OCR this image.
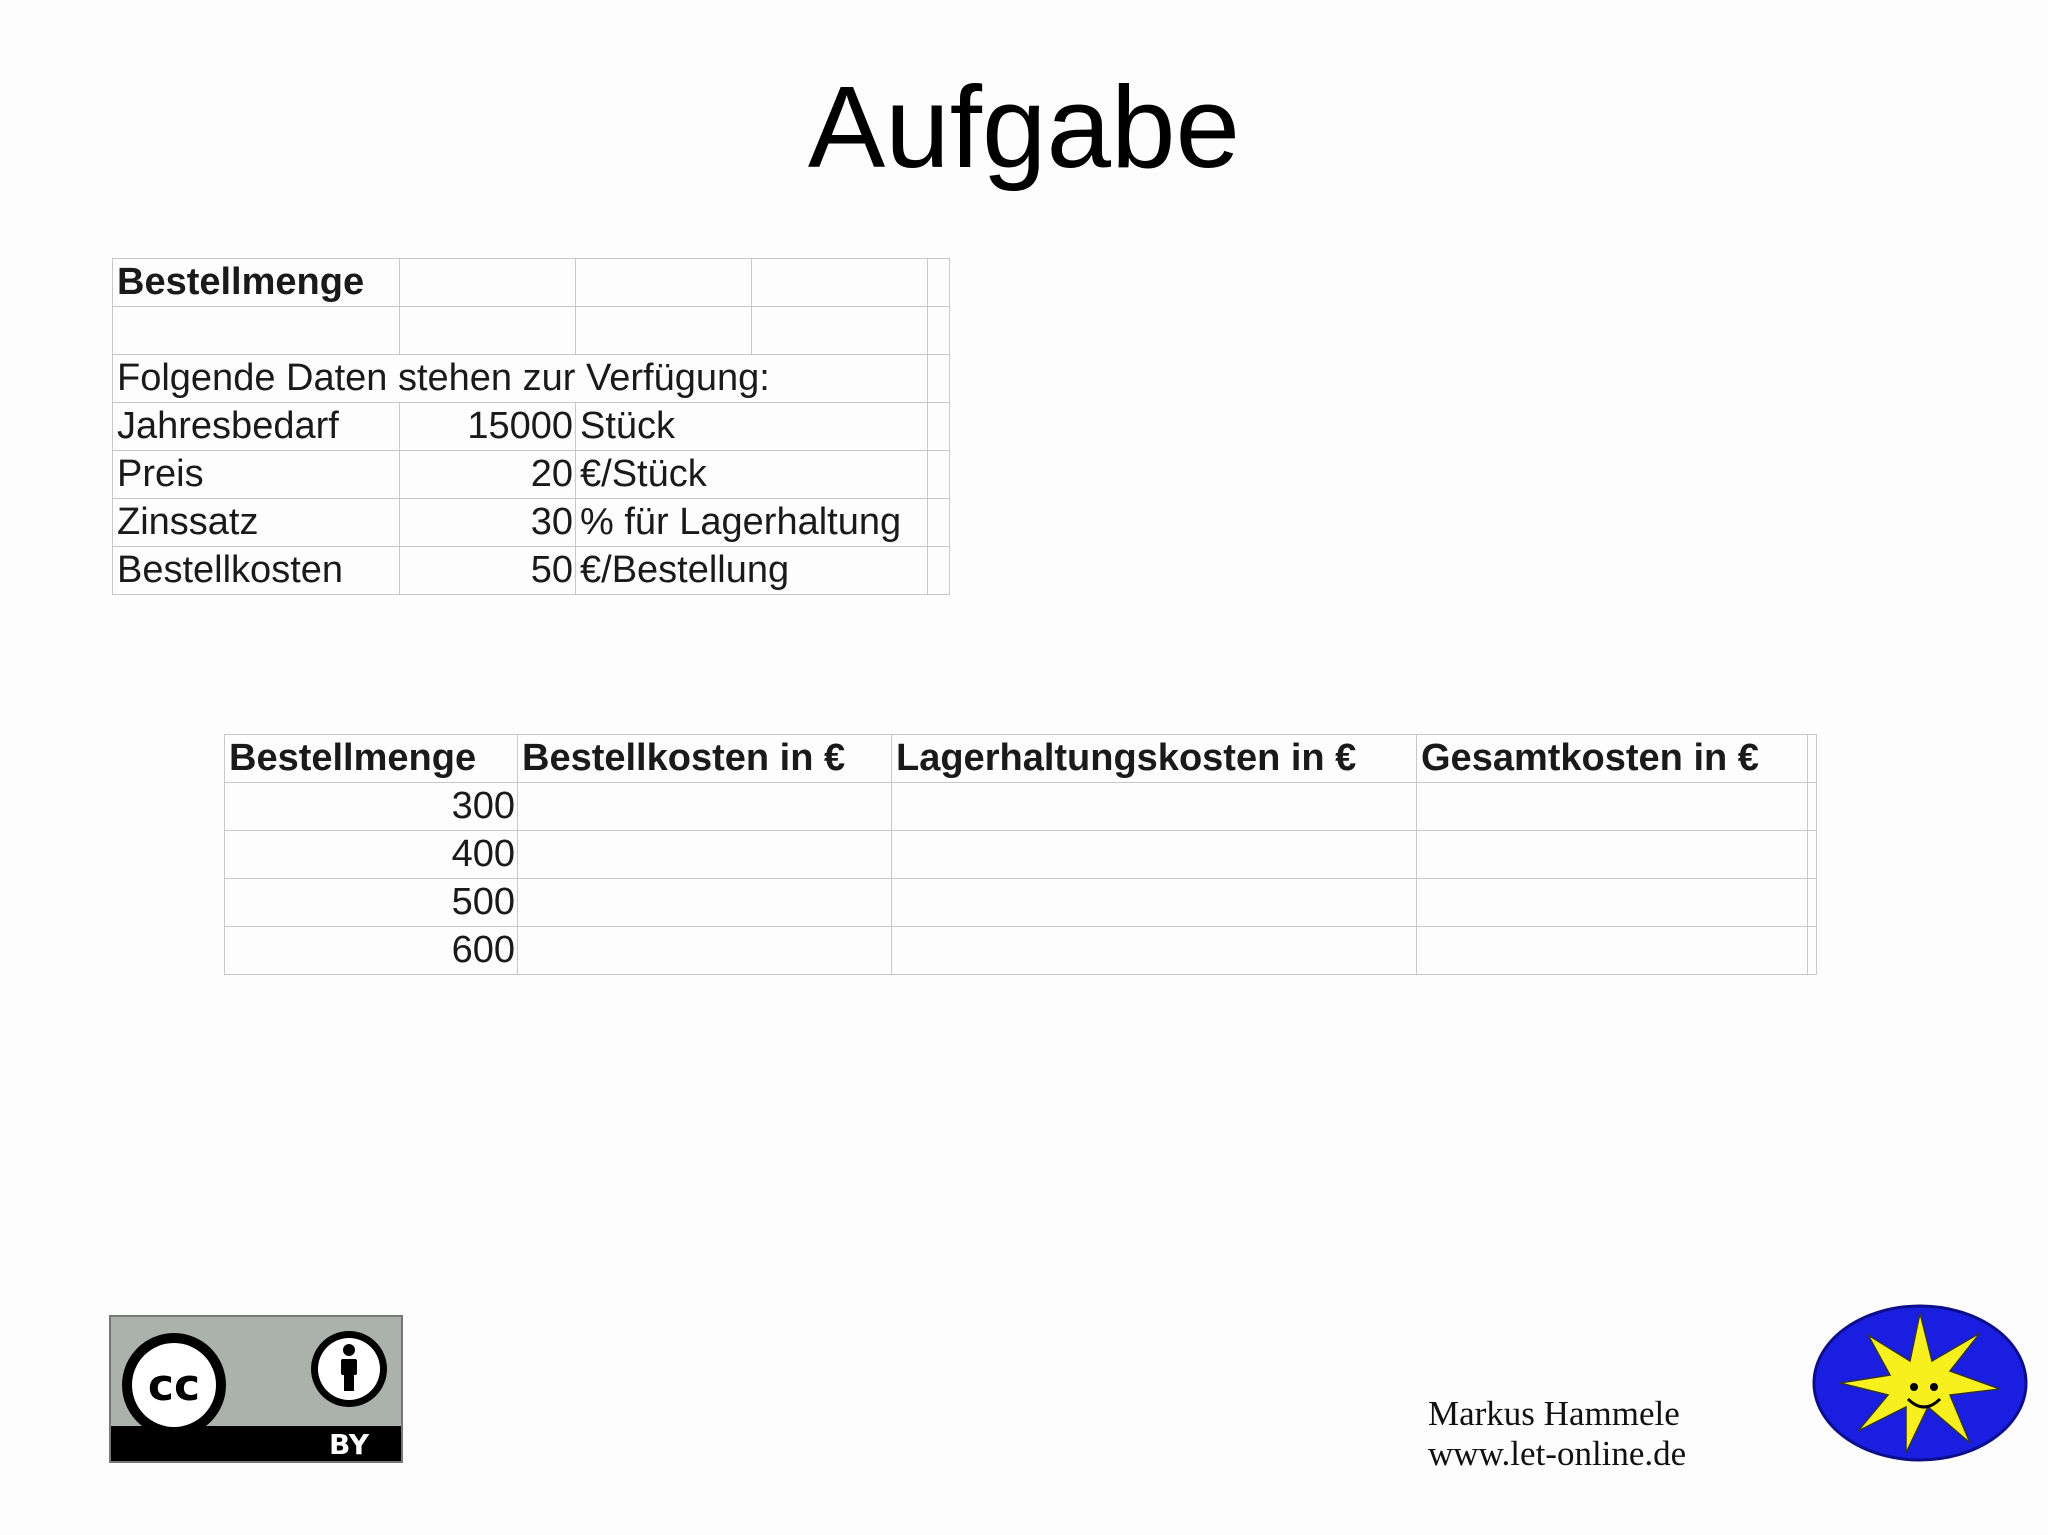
Aufgabe
Bestellmenge				

Folgende Daten stehen zur Verfügung:				
Jahresbedarf	15000	Stück		
Preis	20	€/Stück		
Zinssatz	30	% für Lagerhaltung		
Bestellkosten	50	€/Bestellung		
Bestellmenge	Bestellkosten in €	Lagerhaltungskosten in €	Gesamtkosten in €	
300				
400				
500				
600				
cc
BY
Markus Hammele
www.let-online.de
